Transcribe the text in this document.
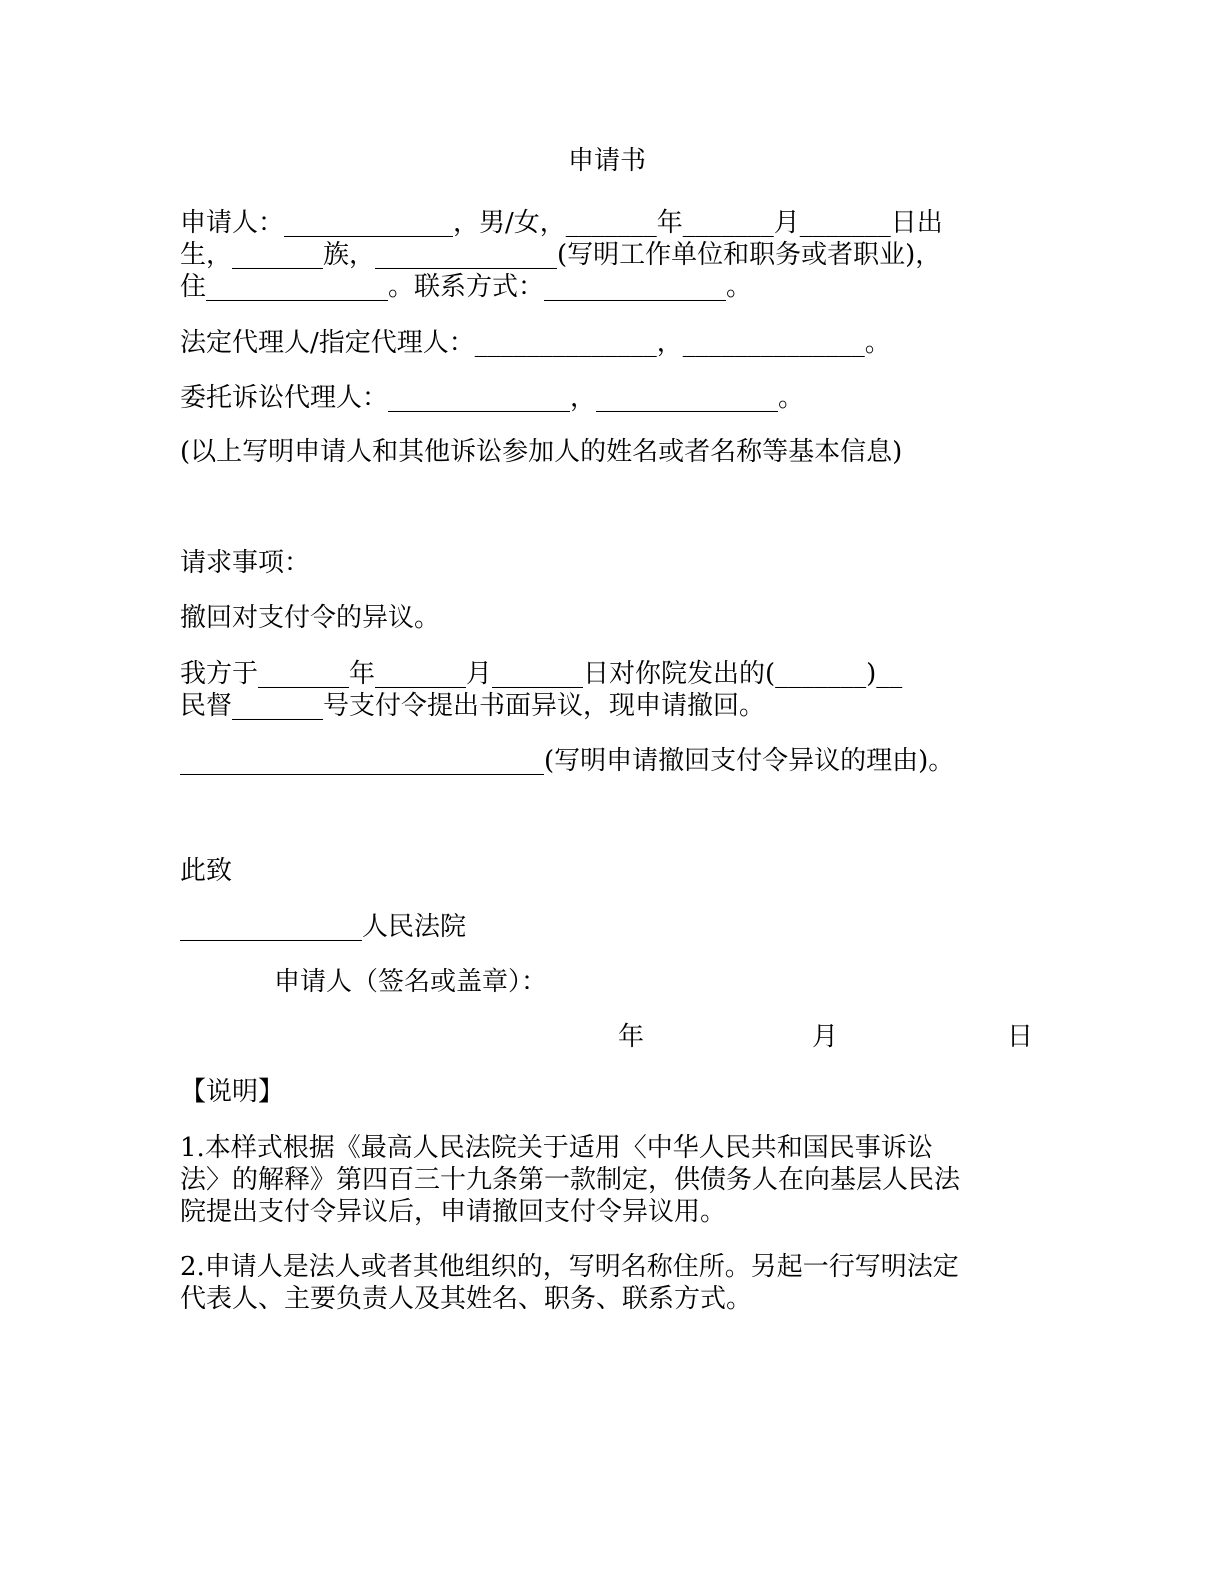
申请书
申请人：_____________，男/女，_______年_______月_______日出
生，_______族，______________(写明工作单位和职务或者职业)，
住______________。联系方式：______________。
法定代理人/指定代理人：______________，______________。
委托诉讼代理人：______________，______________。
(以上写明申请人和其他诉讼参加人的姓名或者名称等基本信息)
请求事项：
撤回对支付令的异议。
我方于_______年_______月_______日对你院发出的(_______)__
民督_______号支付令提出书面异议，现申请撤回。
____________________________(写明申请撤回支付令异议的理由)。
此致
______________人民法院
申请人（签名或盖章）：
年	月	日
【说明】
1.本样式根据《最高人民法院关于适用〈中华人民共和国民事诉讼
法〉的解释》第四百三十九条第一款制定，供债务人在向基层人民法
院提出支付令异议后，申请撤回支付令异议用。
2.申请人是法人或者其他组织的，写明名称住所。另起一行写明法定
代表人、主要负责人及其姓名、职务、联系方式。
